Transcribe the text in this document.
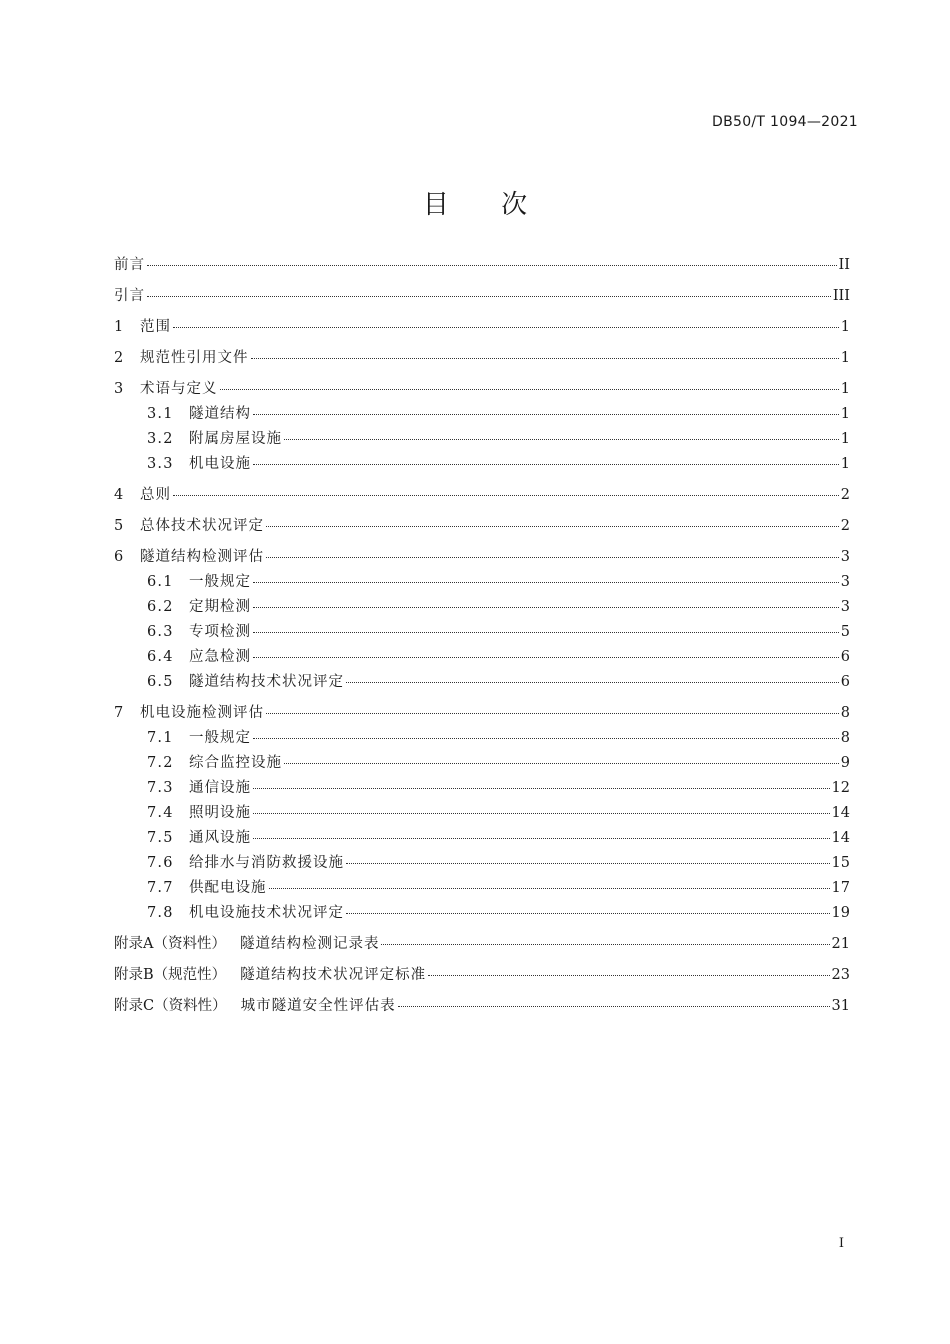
DB50/T 1094—2021
目 次
前言	II
引言	III
1	范围	1
2	规范性引用文件	1
3	术语与定义	1
3.1	隧道结构	1
3.2	附属房屋设施	1
3.3	机电设施	1
4	总则	2
5	总体技术状况评定	2
6	隧道结构检测评估	3
6.1	一般规定	3
6.2	定期检测	3
6.3	专项检测	5
6.4	应急检测	6
6.5	隧道结构技术状况评定	6
7	机电设施检测评估	8
7.1	一般规定	8
7.2	综合监控设施	9
7.3	通信设施	12
7.4	照明设施	14
7.5	通风设施	14
7.6	给排水与消防救援设施	15
7.7	供配电设施	17
7.8	机电设施技术状况评定	19
附录A（资料性） 隧道结构检测记录表	21
附录B（规范性） 隧道结构技术状况评定标准	23
附录C（资料性） 城市隧道安全性评估表	31
I
